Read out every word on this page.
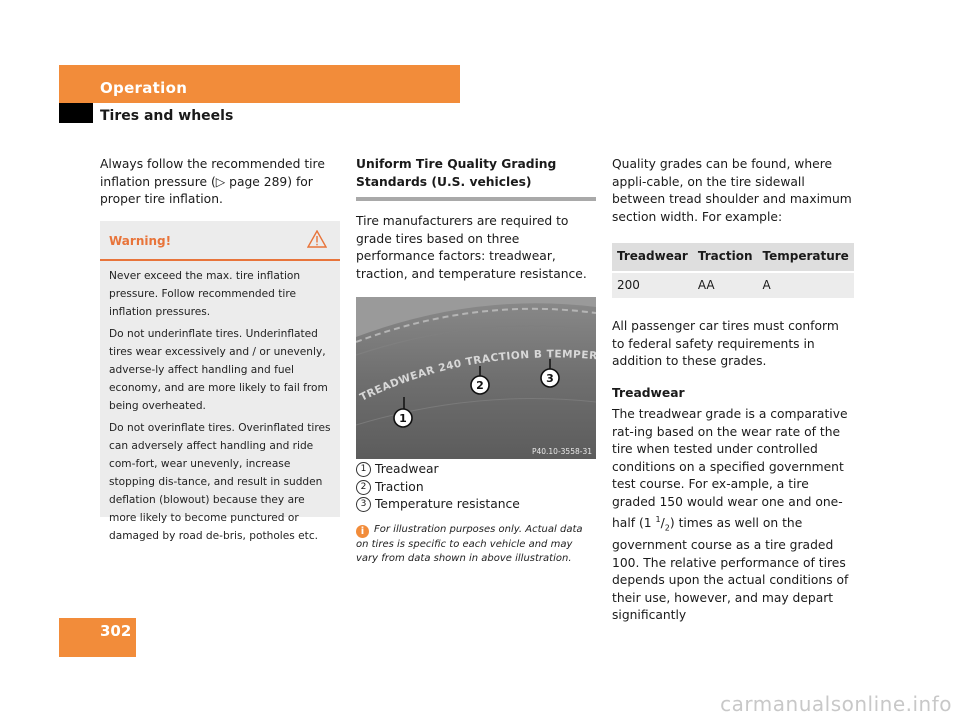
Operation
Tires and wheels

Always follow the recommended tire inflation pressure (▷ page 289) for proper tire inflation.

Warning!

Never exceed the max. tire inflation pressure. Follow recommended tire inflation pressures.

Do not underinflate tires. Underinflated tires wear excessively and / or unevenly, adverse-ly affect handling and fuel economy, and are more likely to fail from being overheated.

Do not overinflate tires. Overinflated tires can adversely affect handling and ride com-fort, wear unevenly, increase stopping dis-tance, and result in sudden deflation (blowout) because they are more likely to become punctured or damaged by road de-bris, potholes etc.

Uniform Tire Quality Grading Standards (U.S. vehicles)

Tire manufacturers are required to grade tires based on three performance factors: treadwear, traction, and temperature resistance.

TREADWEAR 240 TRACTION B TEMPE
1
2
3
P40.10-3558-31
1 Treadwear
2 Traction
3 Temperature resistance
i For illustration purposes only. Actual data on tires is specific to each vehicle and may vary from data shown in above illustration.

Quality grades can be found, where appli-cable, on the tire sidewall between tread shoulder and maximum section width. For example:

Treadwear	Traction	Temperature
200	AA	A

All passenger car tires must conform to federal safety requirements in addition to these grades.

Treadwear

The treadwear grade is a comparative rat-ing based on the wear rate of the tire when tested under controlled conditions on a specified government test course. For ex-ample, a tire graded 150 would wear one and one-half (1 $^1/_2$) times as well on the government course as a tire graded 100. The relative performance of tires depends upon the actual conditions of their use, however, and may depart significantly

302
carmanualsonline.info
